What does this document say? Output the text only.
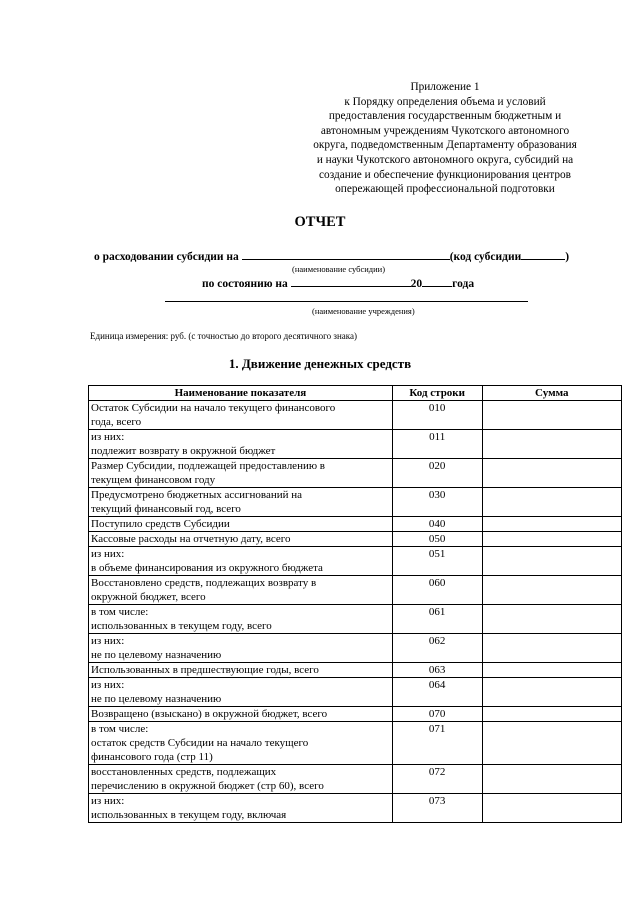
Приложение 1
к Порядку определения объема и условий
предоставления государственным бюджетным и
автономным учреждениям Чукотского автономного
округа, подведомственным Департаменту образования
и науки Чукотского автономного округа, субсидий на
создание и обеспечение функционирования центров
опережающей профессиональной подготовки
ОТЧЕТ
о расходовании субсидии на	(код субсидии	)
(наименование субсидии)
по состоянию на	20	года
(наименование учреждения)
Единица измерения: руб. (с точностью до второго десятичного знака)
1. Движение денежных средств
Наименование показателя	Код строки	Сумма

Остаток Субсидии на начало текущего финансового
года, всего	010	

из них:
подлежит возврату в окружной бюджет	011	

Размер Субсидии, подлежащей предоставлению в
текущем финансовом году	020	

Предусмотрено бюджетных ассигнований на
текущий финансовый год, всего	030	

Поступило средств Субсидии	040	

Кассовые расходы на отчетную дату, всего	050	

из них:
в объеме финансирования из окружного бюджета	051	

Восстановлено средств, подлежащих возврату в
окружной бюджет, всего	060	

в том числе:
использованных в текущем году, всего	061	

из них:
не по целевому назначению	062	

Использованных в предшествующие годы, всего	063	

из них:
не по целевому назначению	064	

Возвращено (взыскано) в окружной бюджет, всего	070	

в том числе:
остаток средств Субсидии на начало текущего
финансового года (стр 11)	071	

восстановленных средств, подлежащих
перечислению в окружной бюджет (стр 60), всего	072	

из них:
использованных в текущем году, включая	073	
